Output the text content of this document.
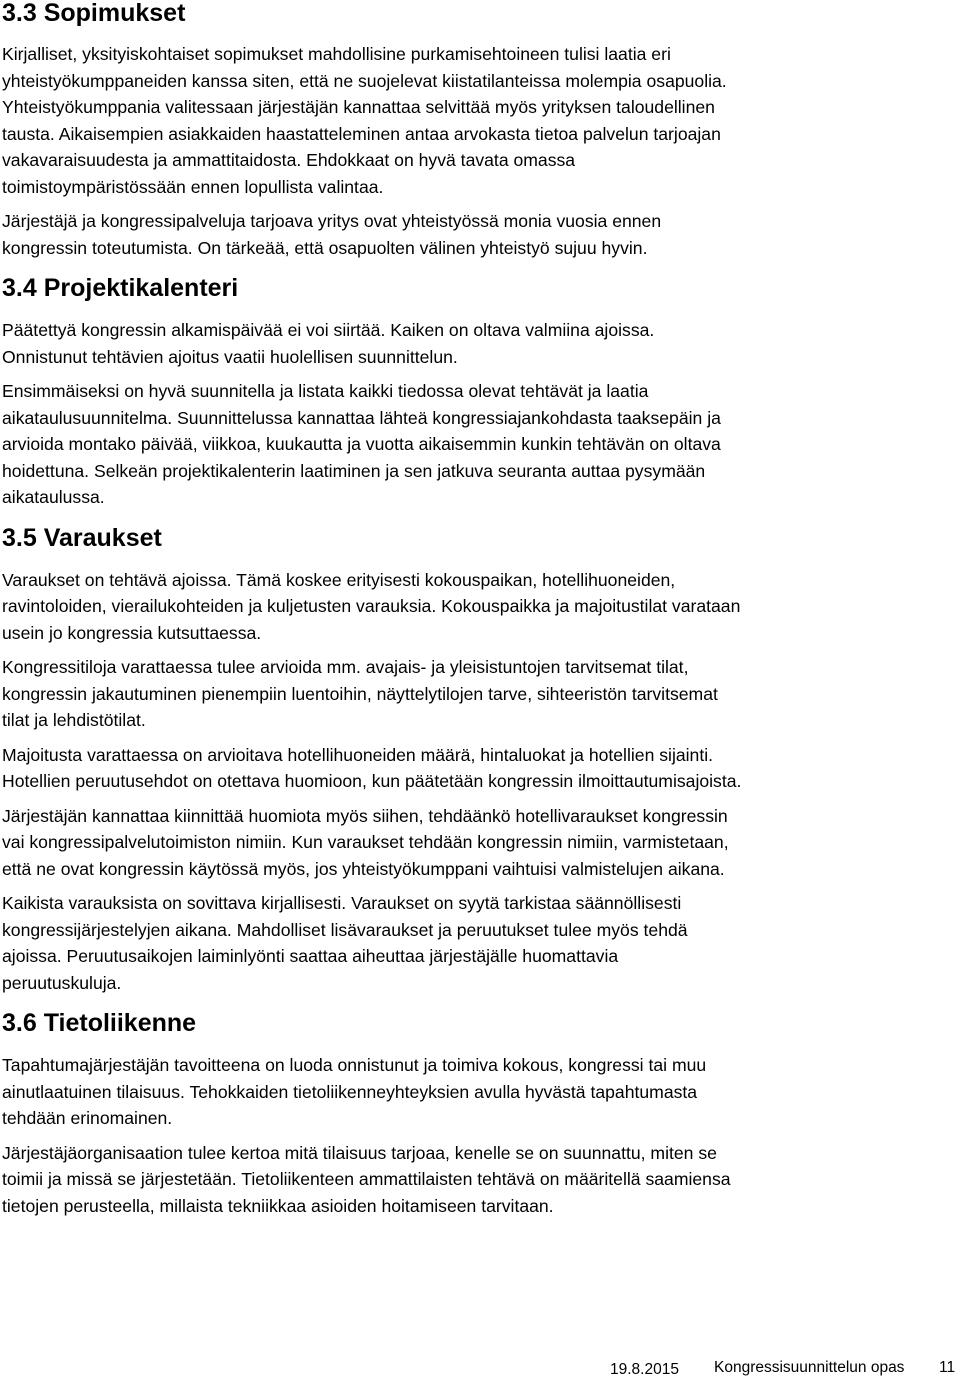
3.3 Sopimukset

Kirjalliset, yksityiskohtaiset sopimukset mahdollisine purkamisehtoineen tulisi laatia eri
yhteistyökumppaneiden kanssa siten, että ne suojelevat kiistatilanteissa molempia osapuolia.
Yhteistyökumppania valitessaan järjestäjän kannattaa selvittää myös yrityksen taloudellinen
tausta. Aikaisempien asiakkaiden haastatteleminen antaa arvokasta tietoa palvelun tarjoajan
vakavaraisuudesta ja ammattitaidosta. Ehdokkaat on hyvä tavata omassa
toimistoympäristössään ennen lopullista valintaa.

Järjestäjä ja kongressipalveluja tarjoava yritys ovat yhteistyössä monia vuosia ennen
kongressin toteutumista. On tärkeää, että osapuolten välinen yhteistyö sujuu hyvin.

3.4 Projektikalenteri

Päätettyä kongressin alkamispäivää ei voi siirtää. Kaiken on oltava valmiina ajoissa.
Onnistunut tehtävien ajoitus vaatii huolellisen suunnittelun.

Ensimmäiseksi on hyvä suunnitella ja listata kaikki tiedossa olevat tehtävät ja laatia
aikataulusuunnitelma. Suunnittelussa kannattaa lähteä kongressiajankohdasta taaksepäin ja
arvioida montako päivää, viikkoa, kuukautta ja vuotta aikaisemmin kunkin tehtävän on oltava
hoidettuna. Selkeän projektikalenterin laatiminen ja sen jatkuva seuranta auttaa pysymään
aikataulussa.

3.5 Varaukset

Varaukset on tehtävä ajoissa. Tämä koskee erityisesti kokouspaikan, hotellihuoneiden,
ravintoloiden, vierailukohteiden ja kuljetusten varauksia. Kokouspaikka ja majoitustilat varataan
usein jo kongressia kutsuttaessa.

Kongressitiloja varattaessa tulee arvioida mm. avajais- ja yleisistuntojen tarvitsemat tilat,
kongressin jakautuminen pienempiin luentoihin, näyttelytilojen tarve, sihteeristön tarvitsemat
tilat ja lehdistötilat.

Majoitusta varattaessa on arvioitava hotellihuoneiden määrä, hintaluokat ja hotellien sijainti.
Hotellien peruutusehdot on otettava huomioon, kun päätetään kongressin ilmoittautumisajoista.

Järjestäjän kannattaa kiinnittää huomiota myös siihen, tehdäänkö hotellivaraukset kongressin
vai kongressipalvelutoimiston nimiin. Kun varaukset tehdään kongressin nimiin, varmistetaan,
että ne ovat kongressin käytössä myös, jos yhteistyökumppani vaihtuisi valmistelujen aikana.

Kaikista varauksista on sovittava kirjallisesti. Varaukset on syytä tarkistaa säännöllisesti
kongressijärjestelyjen aikana. Mahdolliset lisävaraukset ja peruutukset tulee myös tehdä
ajoissa. Peruutusaikojen laiminlyönti saattaa aiheuttaa järjestäjälle huomattavia
peruutuskuluja.

3.6 Tietoliikenne

Tapahtumajärjestäjän tavoitteena on luoda onnistunut ja toimiva kokous, kongressi tai muu
ainutlaatuinen tilaisuus. Tehokkaiden tietoliikenneyhteyksien avulla hyvästä tapahtumasta
tehdään erinomainen.

Järjestäjäorganisaation tulee kertoa mitä tilaisuus tarjoaa, kenelle se on suunnattu, miten se
toimii ja missä se järjestetään. Tietoliikenteen ammattilaisten tehtävä on määritellä saamiensa
tietojen perusteella, millaista tekniikkaa asioiden hoitamiseen tarvitaan.

19.8.2015 Kongressisuunnittelun opas 11
